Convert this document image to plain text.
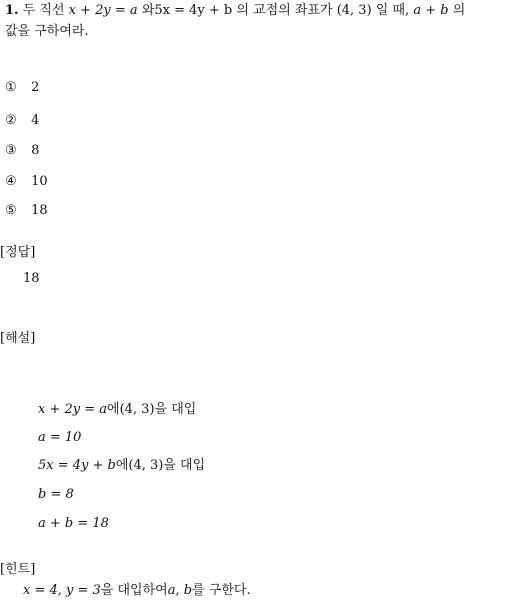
1. 두 직선 x + 2y = a 와5x = 4y + b 의 교점의 좌표가 (4, 3) 일 때, a + b 의
값을 구하여라.
① 2
② 4
③ 8
④ 10
⑤ 18
[정답]
18
[해설]
x + 2y = a에(4, 3)을 대입
a = 10
5x = 4y + b에(4, 3)을 대입
b = 8
a + b = 18
[힌트]
x = 4, y = 3을 대입하여a, b를 구한다.
